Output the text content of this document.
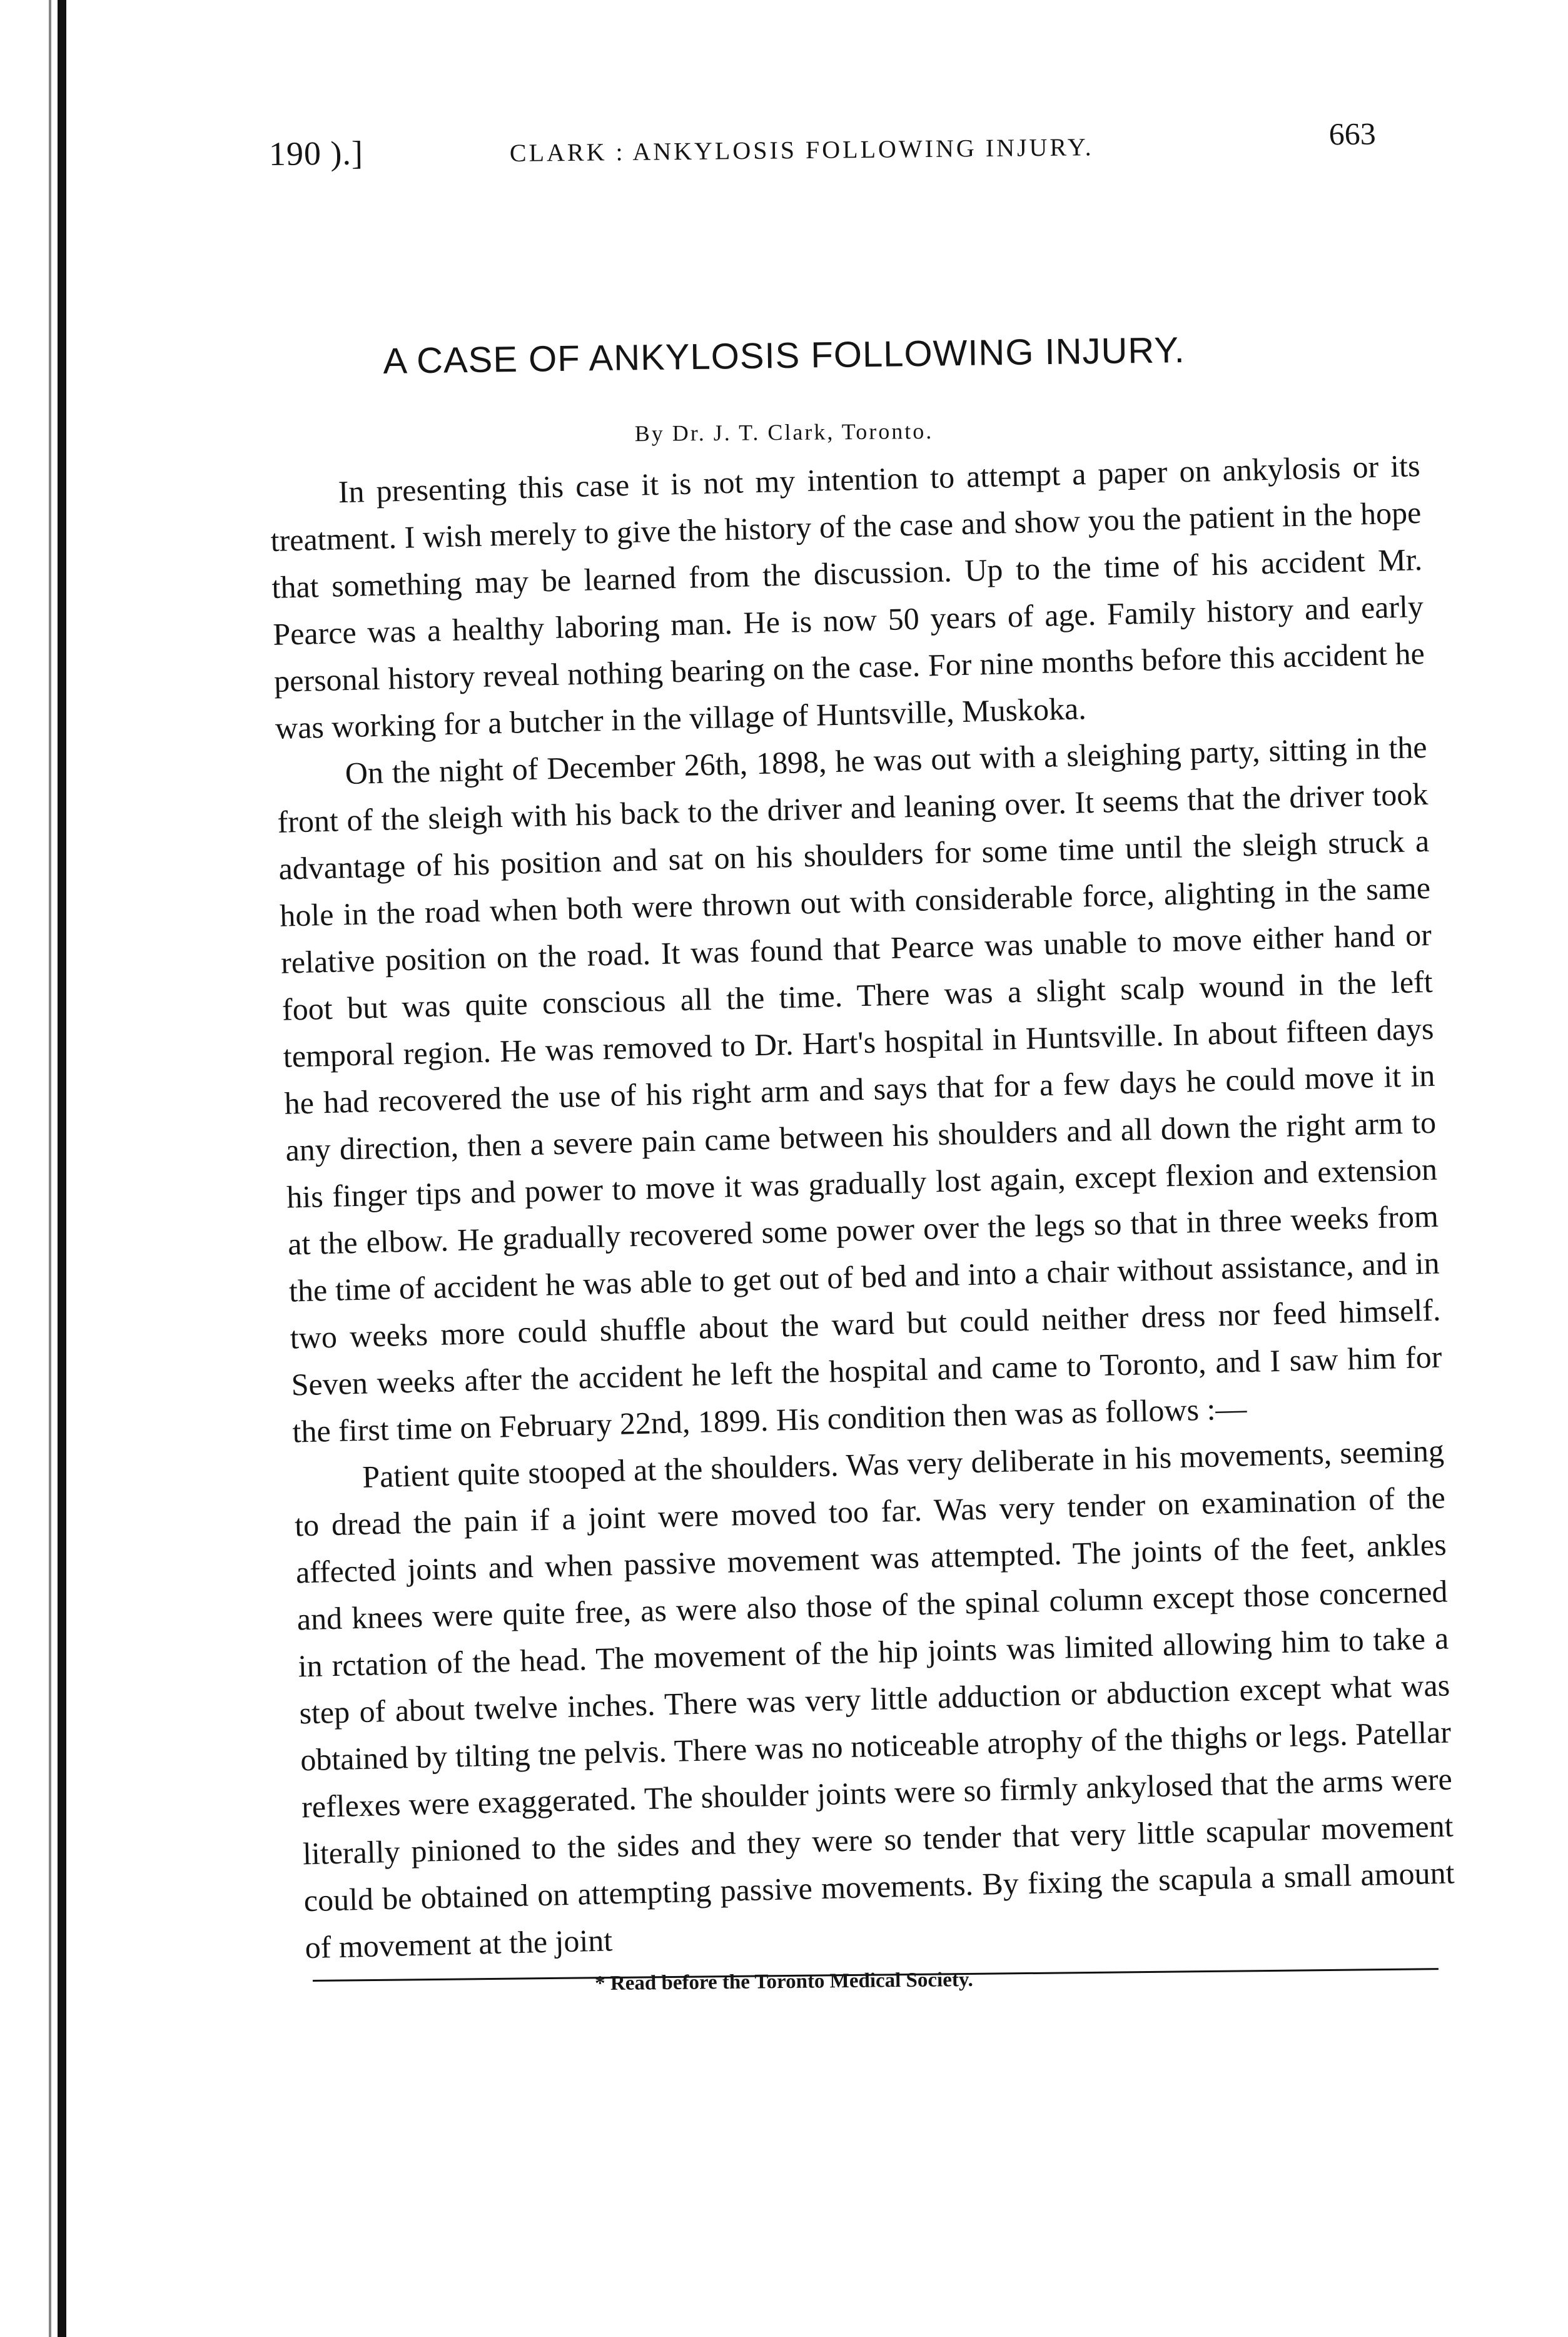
190 ).]	CLARK : ANKYLOSIS FOLLOWING INJURY.	663
A CASE OF ANKYLOSIS FOLLOWING INJURY.
By Dr. J. T. Clark, Toronto.

In presenting this case it is not my intention to attempt a paper on ankylosis or its treatment. I wish merely to give the history of the case and show you the patient in the hope that something may be learned from the discussion. Up to the time of his accident Mr. Pearce was a healthy laboring man. He is now 50 years of age. Family history and early personal history reveal nothing bearing on the case. For nine months before this accident he was working for a butcher in the village of Huntsville, Muskoka.

On the night of December 26th, 1898, he was out with a sleighing party, sitting in the front of the sleigh with his back to the driver and leaning over. It seems that the driver took advantage of his position and sat on his shoulders for some time until the sleigh struck a hole in the road when both were thrown out with considerable force, alighting in the same relative position on the road. It was found that Pearce was unable to move either hand or foot but was quite conscious all the time. There was a slight scalp wound in the left temporal region. He was removed to Dr. Hart's hospital in Huntsville. In about fifteen days he had recovered the use of his right arm and says that for a few days he could move it in any direction, then a severe pain came between his shoulders and all down the right arm to his finger tips and power to move it was gradually lost again, except flexion and extension at the elbow. He gradually recovered some power over the legs so that in three weeks from the time of accident he was able to get out of bed and into a chair without assistance, and in two weeks more could shuffle about the ward but could neither dress nor feed himself. Seven weeks after the accident he left the hospital and came to Toronto, and I saw him for the first time on February 22nd, 1899. His condition then was as follows :—

Patient quite stooped at the shoulders. Was very deliberate in his movements, seeming to dread the pain if a joint were moved too far. Was very tender on examination of the affected joints and when passive movement was attempted. The joints of the feet, ankles and knees were quite free, as were also those of the spinal column except those concerned in rctation of the head. The movement of the hip joints was limited allowing him to take a step of about twelve inches. There was very little adduction or abduction except what was obtained by tilting tne pelvis. There was no noticeable atrophy of the thighs or legs. Patellar reflexes were exaggerated. The shoulder joints were so firmly ankylosed that the arms were literally pinioned to the sides and they were so tender that very little scapular movement could be obtained on attempting passive movements. By fixing the scapula a small amount of movement at the joint

* Read before the Toronto Medical Society.
